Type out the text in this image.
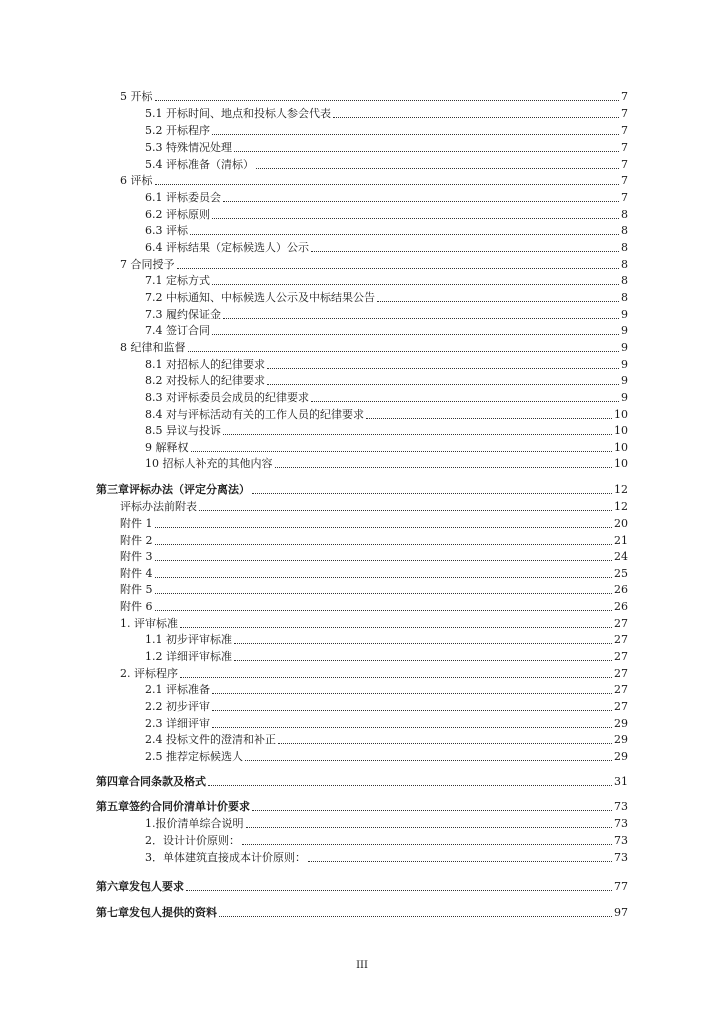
5 开标	7
5.1 开标时间、地点和投标人参会代表	7
5.2 开标程序	7
5.3 特殊情况处理	7
5.4 评标准备（清标）	7
6 评标	7
6.1 评标委员会	7
6.2 评标原则	8
6.3 评标	8
6.4 评标结果（定标候选人）公示	8
7 合同授予	8
7.1 定标方式	8
7.2 中标通知、中标候选人公示及中标结果公告	8
7.3 履约保证金	9
7.4 签订合同	9
8 纪律和监督	9
8.1 对招标人的纪律要求	9
8.2 对投标人的纪律要求	9
8.3 对评标委员会成员的纪律要求	9
8.4 对与评标活动有关的工作人员的纪律要求	10
8.5 异议与投诉	10
9 解释权	10
10 招标人补充的其他内容	10
第三章评标办法（评定分离法）	12
评标办法前附表	12
附件 1	20
附件 2	21
附件 3	24
附件 4	25
附件 5	26
附件 6	26
1. 评审标准	27
1.1 初步评审标准	27
1.2 详细评审标准	27
2. 评标程序	27
2.1 评标准备	27
2.2 初步评审	27
2.3 详细评审	29
2.4 投标文件的澄清和补正	29
2.5 推荐定标候选人	29
第四章合同条款及格式	31
第五章签约合同价清单计价要求	73
1.报价清单综合说明	73
2．设计计价原则：	73
3．单体建筑直接成本计价原则：	73
第六章发包人要求	77
第七章发包人提供的资料	97
III
